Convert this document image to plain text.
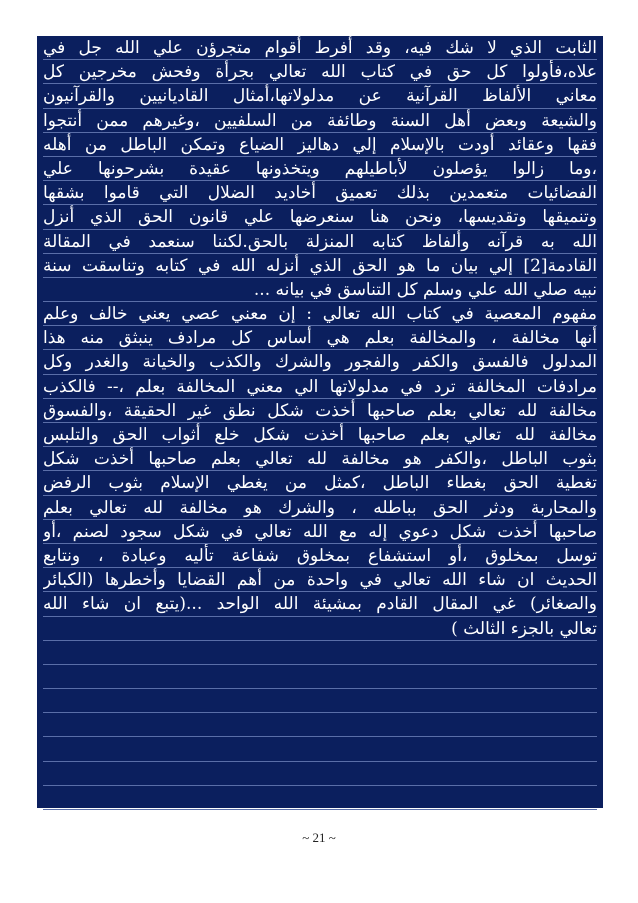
الثابت الذي لا شك فيه، وقد أفرط أقوام متجرؤن علي الله جل في
علاه،فأولوا كل حق في كتاب الله تعالي بجرأة وفحش مخرجين كل
معاني الألفاظ القرآنية عن مدلولاتها،أمثال القاديانيين والقرآنيون
والشيعة وبعض أهل السنة وطائفة من السلفيين ،وغيرهم ممن أنتجوا
فقها وعقائد أودت بالإسلام إلي دهاليز الضياع وتمكن الباطل من أهله
،وما زالوا يؤصلون لأباطيلهم ويتخذونها عقيدة بشرحونها علي
الفضائيات متعمدين بذلك تعميق أخاديد الضلال التي قاموا بشقها
وتنميقها وتقديسها، ونحن هنا سنعرضها علي قانون الحق الذي أنزل
الله به قرآنه وألفاظ كتابه المنزلة بالحق.لكننا سنعمد في المقالة
القادمة[2] إلي بيان ما هو الحق الذي أنزله الله في كتابه وتناسقت سنة
نبيه صلي الله علي وسلم كل التناسق في بيانه ...
مفهوم المعصية في كتاب الله تعالي : إن معني عصي يعني خالف وعلم
أنها مخالفة ، والمخالفة بعلم هي أساس كل مرادف ينبثق منه هذا
المدلول فالفسق والكفر والفجور والشرك والكذب والخيانة والغدر وكل
مرادفات المخالفة ترد في مدلولاتها الي معني المخالفة بعلم ،-- فالكذب
مخالفة لله تعالي بعلم صاحبها أخذت شكل نطق غير الحقيقة ،والفسوق
مخالفة لله تعالي بعلم صاحبها أخذت شكل خلع أثواب الحق والتلبس
بثوب الباطل ،والكفر هو مخالفة لله تعالي بعلم صاحبها أخذت شكل
تغطية الحق بغطاء الباطل ،كمثل من يغطي الإسلام بثوب الرفض
والمحاربة ودثر الحق بباطله ، والشرك هو مخالفة لله تعالي بعلم
صاحبها أخذت شكل دعوي إله مع الله تعالي في شكل سجود لصنم ،أو
توسل بمخلوق ،أو استشفاع بمخلوق شفاعة تأليه وعبادة ، ونتابع
الحديث ان شاء الله تعالي في واحدة من أهم القضايا وأخطرها (الكبائر
والصغائر) غي المقال القادم بمشيئة الله الواحد ...(يتبع ان شاء الله
تعالي بالجزء الثالث )
~ 21 ~
